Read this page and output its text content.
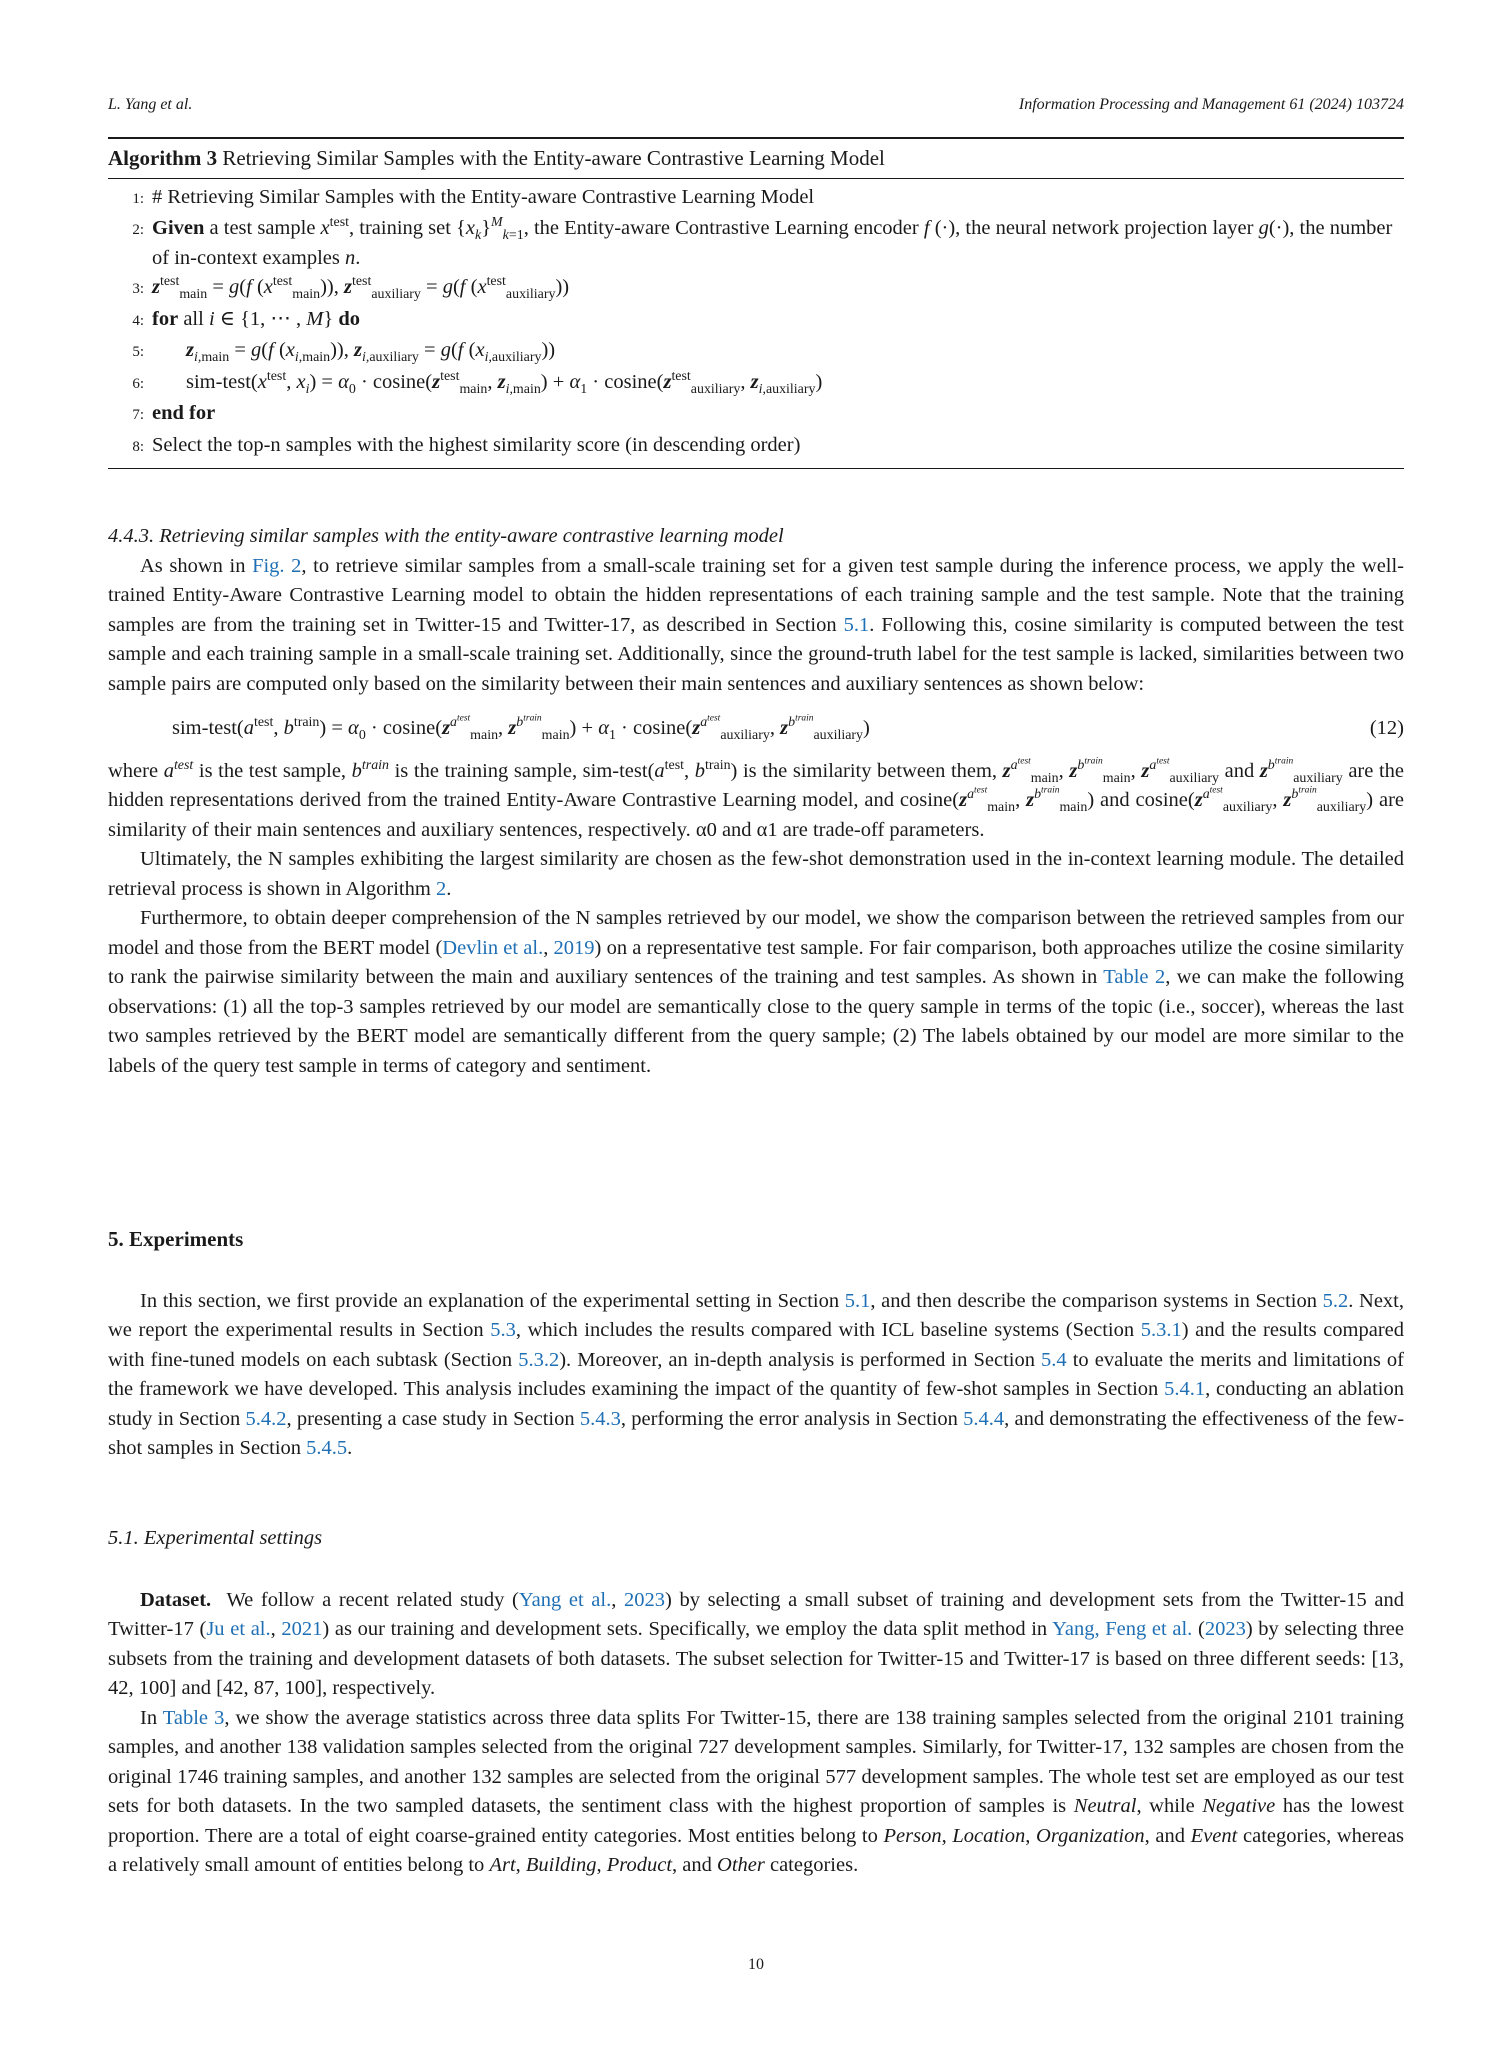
L. Yang et al.	Information Processing and Management 61 (2024) 103724
Algorithm 3 Retrieving Similar Samples with the Entity-aware Contrastive Learning Model
1: # Retrieving Similar Samples with the Entity-aware Contrastive Learning Model
2: Given a test sample $x^{test}$, training set $\{x_k\}^M_{k=1}$, the Entity-aware Contrastive Learning encoder f (·), the neural network projection layer g(·), the number of in-context examples n.
3: $z^{test}_{main} = g(f$ $(x^{test}_{main})$), $z^{test}_{auxiliary} = g(f$ $(x^{test}_{auxiliary})$)
4: for all i ∈ {1, ⋯ , M} do
5:	$z_{i,main} = g(f$ $(x_{i,main})$), $z_{i,auxiliary} = g(f$ $(x_{i,auxiliary})$)
6:	sim-$test(x^{test}$, $x_i) = \alpha_0 \cdot cosine(z^{test}_{main}$, $z_{i,main}) + \alpha_1 \cdot cosine(z^{test}_{auxiliary}$, $z_{i,auxiliary}$)
7: end for
8: Select the top-n samples with the highest similarity score (in descending order)
4.4.3. Retrieving similar samples with the entity-aware contrastive learning model

As shown in Fig. 2, to retrieve similar samples from a small-scale training set for a given test sample during the inference process, we apply the well-trained Entity-Aware Contrastive Learning model to obtain the hidden representations of each training sample and the test sample. Note that the training samples are from the training set in Twitter-15 and Twitter-17, as described in Section 5.1. Following this, cosine similarity is computed between the test sample and each training sample in a small-scale training set. Additionally, since the ground-truth label for the test sample is lacked, similarities between two sample pairs are computed only based on the similarity between their main sentences and auxiliary sentences as shown below:

sim-$test(a^{test}$, $b^{train}) = \alpha_0 \cdot cosine(z^{a^{test}}_{main}$, $z^{b^{train}}_{main}) + \alpha_1 \cdot cosine(z^{a^{test}}_{auxiliary}$, $z^{b^{train}}_{auxiliary}$)	(12)

where $a^{test}$ is the test sample, $b^{train}$ is the training sample, sim-$test(a^{test}$, $b^{train}$) is the similarity between them, $z^{a^{test}}_{main}$, $z^{b^{train}}_{main}$, $z^{a^{test}}_{auxiliary}$ and $z^{b^{train}}_{auxiliary}$ are the hidden representations derived from the trained Entity-Aware Contrastive Learning model, and $cosine(z^{a^{test}}_{main}$, $z^{b^{train}}_{main}$) and $cosine(z^{a^{test}}_{auxiliary}$, $z^{b^{train}}_{auxiliary}$) are similarity of their main sentences and auxiliary sentences, respectively. α0 and α1 are trade-off parameters.

Ultimately, the N samples exhibiting the largest similarity are chosen as the few-shot demonstration used in the in-context learning module. The detailed retrieval process is shown in Algorithm 2.

Furthermore, to obtain deeper comprehension of the N samples retrieved by our model, we show the comparison between the retrieved samples from our model and those from the BERT model (Devlin et al., 2019) on a representative test sample. For fair comparison, both approaches utilize the cosine similarity to rank the pairwise similarity between the main and auxiliary sentences of the training and test samples. As shown in Table 2, we can make the following observations: (1) all the top-3 samples retrieved by our model are semantically close to the query sample in terms of the topic (i.e., soccer), whereas the last two samples retrieved by the BERT model are semantically different from the query sample; (2) The labels obtained by our model are more similar to the labels of the query test sample in terms of category and sentiment.

5. Experiments

In this section, we first provide an explanation of the experimental setting in Section 5.1, and then describe the comparison systems in Section 5.2. Next, we report the experimental results in Section 5.3, which includes the results compared with ICL baseline systems (Section 5.3.1) and the results compared with fine-tuned models on each subtask (Section 5.3.2). Moreover, an in-depth analysis is performed in Section 5.4 to evaluate the merits and limitations of the framework we have developed. This analysis includes examining the impact of the quantity of few-shot samples in Section 5.4.1, conducting an ablation study in Section 5.4.2, presenting a case study in Section 5.4.3, performing the error analysis in Section 5.4.4, and demonstrating the effectiveness of the few-shot samples in Section 5.4.5.

5.1. Experimental settings

Dataset. We follow a recent related study (Yang et al., 2023) by selecting a small subset of training and development sets from the Twitter-15 and Twitter-17 (Ju et al., 2021) as our training and development sets. Specifically, we employ the data split method in Yang, Feng et al. (2023) by selecting three subsets from the training and development datasets of both datasets. The subset selection for Twitter-15 and Twitter-17 is based on three different seeds: [13, 42, 100] and [42, 87, 100], respectively.

In Table 3, we show the average statistics across three data splits For Twitter-15, there are 138 training samples selected from the original 2101 training samples, and another 138 validation samples selected from the original 727 development samples. Similarly, for Twitter-17, 132 samples are chosen from the original 1746 training samples, and another 132 samples are selected from the original 577 development samples. The whole test set are employed as our test sets for both datasets. In the two sampled datasets, the sentiment class with the highest proportion of samples is Neutral, while Negative has the lowest proportion. There are a total of eight coarse-grained entity categories. Most entities belong to Person, Location, Organization, and Event categories, whereas a relatively small amount of entities belong to Art, Building, Product, and Other categories.

10
